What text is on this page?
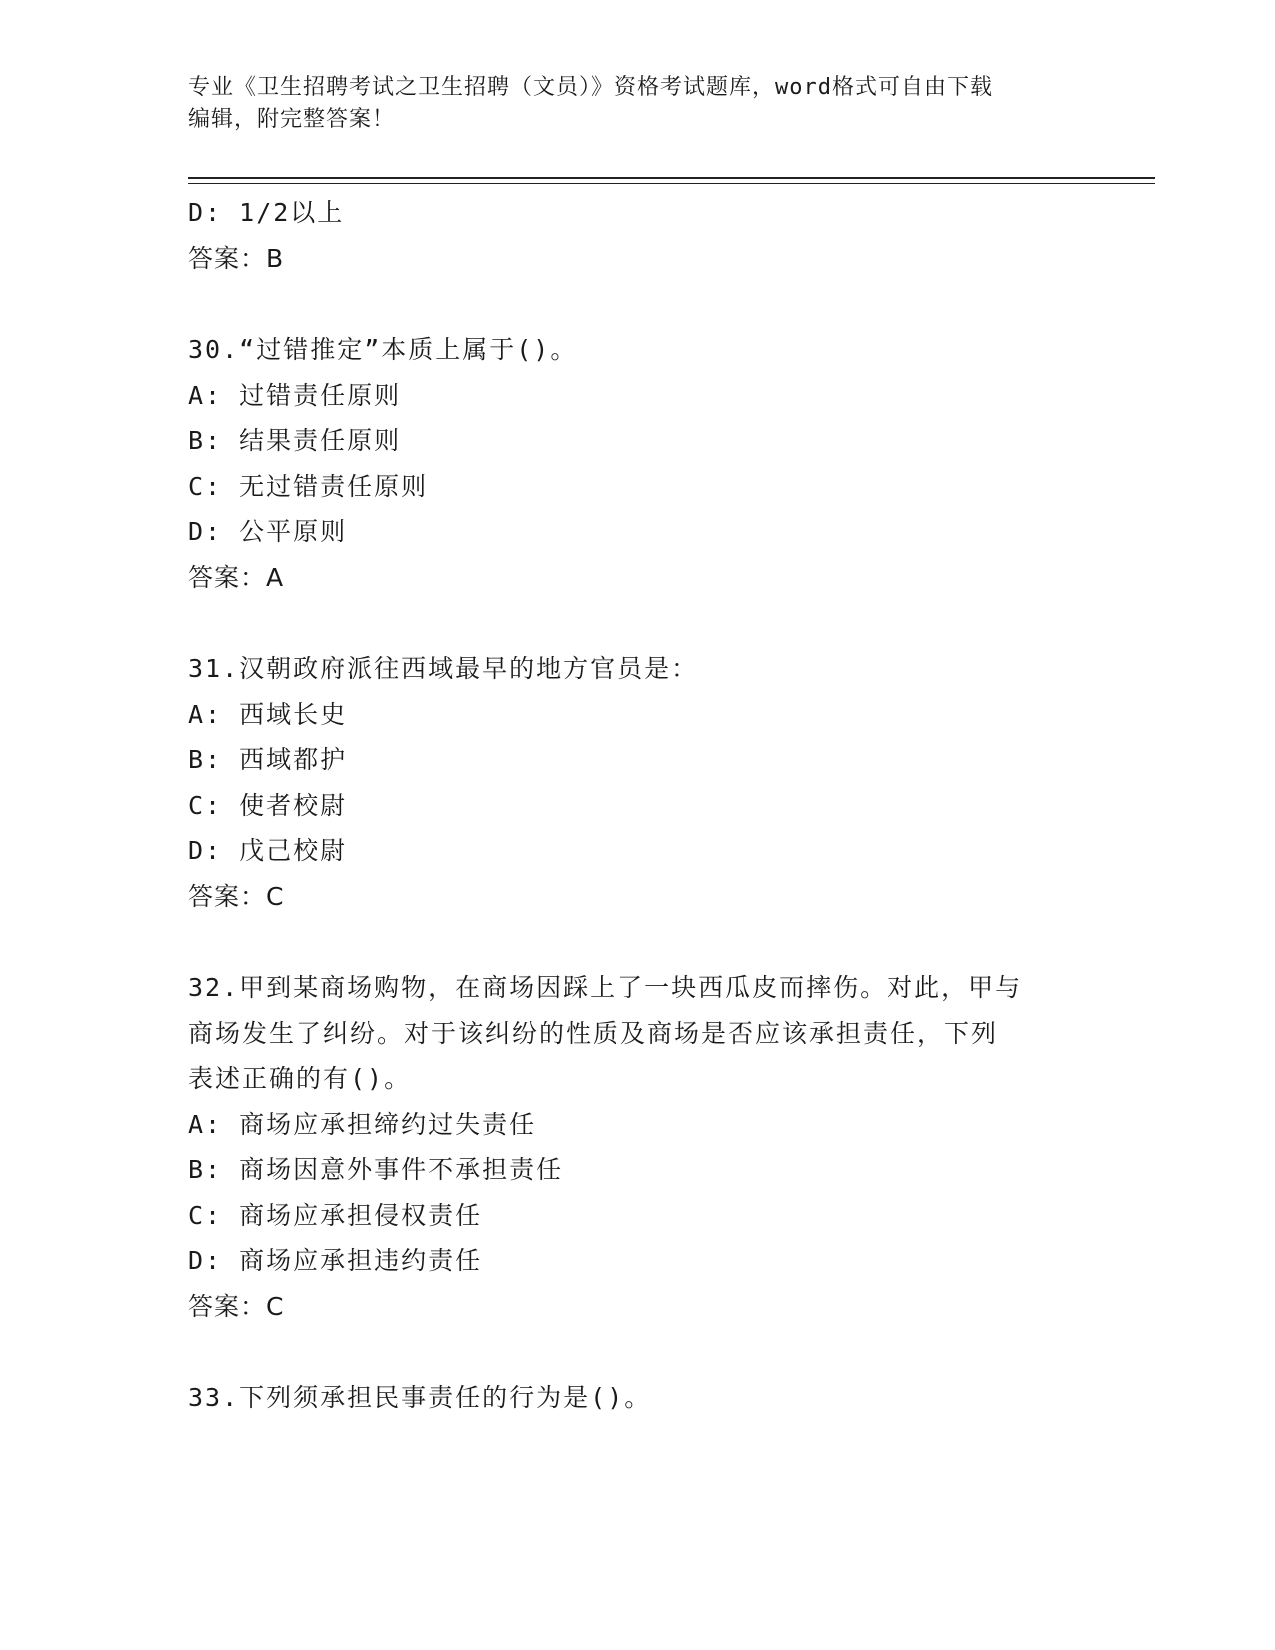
专业《卫生招聘考试之卫生招聘（文员）》资格考试题库，word格式可自由下载
编辑，附完整答案！
D: 1/2以上
答案：B
30.“过错推定”本质上属于()。
A: 过错责任原则
B: 结果责任原则
C: 无过错责任原则
D: 公平原则
答案：A
31.汉朝政府派往西域最早的地方官员是：
A: 西域长史
B: 西域都护
C: 使者校尉
D: 戊己校尉
答案：C
32.甲到某商场购物，在商场因踩上了一块西瓜皮而摔伤。对此，甲与
商场发生了纠纷。对于该纠纷的性质及商场是否应该承担责任，下列
表述正确的有()。
A: 商场应承担缔约过失责任
B: 商场因意外事件不承担责任
C: 商场应承担侵权责任
D: 商场应承担违约责任
答案：C
33.下列须承担民事责任的行为是()。
